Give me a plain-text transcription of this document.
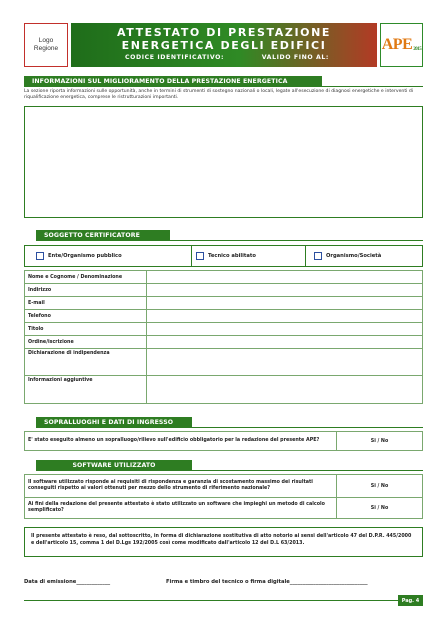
Logo
Regione
ATTESTATO DI PRESTAZIONE
ENERGETICA DEGLI EDIFICI
CODICE IDENTIFICATIVO:	VALIDO FINO AL:
APE 2015
INFORMAZIONI SUL MIGLIORAMENTO DELLA PRESTAZIONE ENERGETICA
La sezione riporta informazioni sulle opportunità, anche in termini di strumenti di sostegno nazionali o locali, legate all'esecuzione di diagnosi energetiche e interventi di riqualificazione energetica, comprese le ristrutturazioni importanti.
SOGGETTO CERTIFICATORE
Ente/Organismo pubblico	Tecnico abilitato	Organismo/Società
Nome e Cognome / Denominazione	
Indirizzo	
E-mail	
Telefono	
Titolo	
Ordine/iscrizione	
Dichiarazione di indipendenza	
Informazioni aggiuntive	
SOPRALLUOGHI E DATI DI INGRESSO
E' stato eseguito almeno un sopralluogo/rilievo sull'edificio obbligatorio per la redazione del presente APE?	Si / No
SOFTWARE UTILIZZATO
Il software utilizzato risponde ai requisiti di rispondenza e garanzia di scostamento massimo dei risultati conseguiti rispetto ai valori ottenuti per mezzo dello strumento di riferimento nazionale?	Si / No
Ai fini della redazione del presente attestato è stato utilizzato un software che impieghi un metodo di calcolo semplificato?	Si / No
Il presente attestato è reso, dal sottoscritto, in forma di dichiarazione sostitutiva di atto notorio ai sensi dell'articolo 47 del D.P.R. 445/2000 e dell'articolo 15, comma 1 del D.Lgs 192/2005 così come modificato dall'articolo 12 del D.L 63/2013.
Data di emissione_____________	Firma e timbro del tecnico o firma digitale______________________________
Pag. 4
